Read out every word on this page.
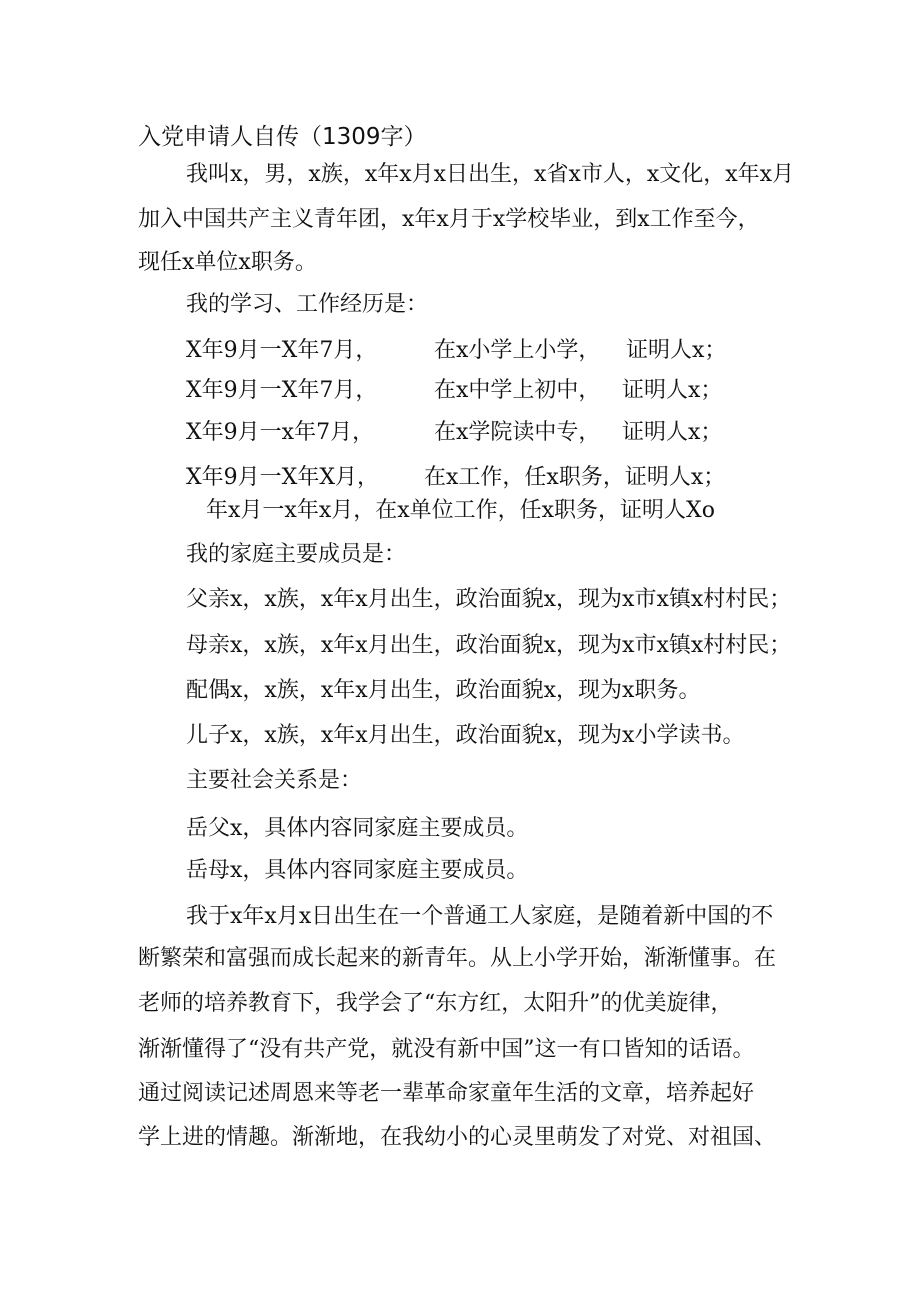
入党申请人自传（1309字）
我叫x，男，x族，x年x月x日出生，x省x市人，x文化，x年x月
加入中国共产主义青年团，x年x月于x学校毕业，到x工作至今，
现任x单位x职务。
我的学习、工作经历是：
X年9月一X年7月，	在x小学上小学， 证明人x；
X年9月一X年7月，	在x中学上初中， 证明人x；
X年9月一x年7月，	在x学院读中专， 证明人x；
X年9月一X年X月， 在x工作，任x职务，证明人x；
年x月一x年x月，在x单位工作，任x职务，证明人Xo
我的家庭主要成员是：
父亲x，x族，x年x月出生，政治面貌x，现为x市x镇x村村民；
母亲x，x族，x年x月出生，政治面貌x，现为x市x镇x村村民；
配偶x，x族，x年x月出生，政治面貌x，现为x职务。
儿子x，x族，x年x月出生，政治面貌x，现为x小学读书。
主要社会关系是：
岳父x，具体内容同家庭主要成员。
岳母x，具体内容同家庭主要成员。
我于x年x月x日出生在一个普通工人家庭，是随着新中国的不
断繁荣和富强而成长起来的新青年。从上小学开始，渐渐懂事。在
老师的培养教育下，我学会了“东方红，太阳升”的优美旋律，
渐渐懂得了“没有共产党，就没有新中国”这一有口皆知的话语。
通过阅读记述周恩来等老一辈革命家童年生活的文章，培养起好
学上进的情趣。渐渐地，在我幼小的心灵里萌发了对党、对祖国、
